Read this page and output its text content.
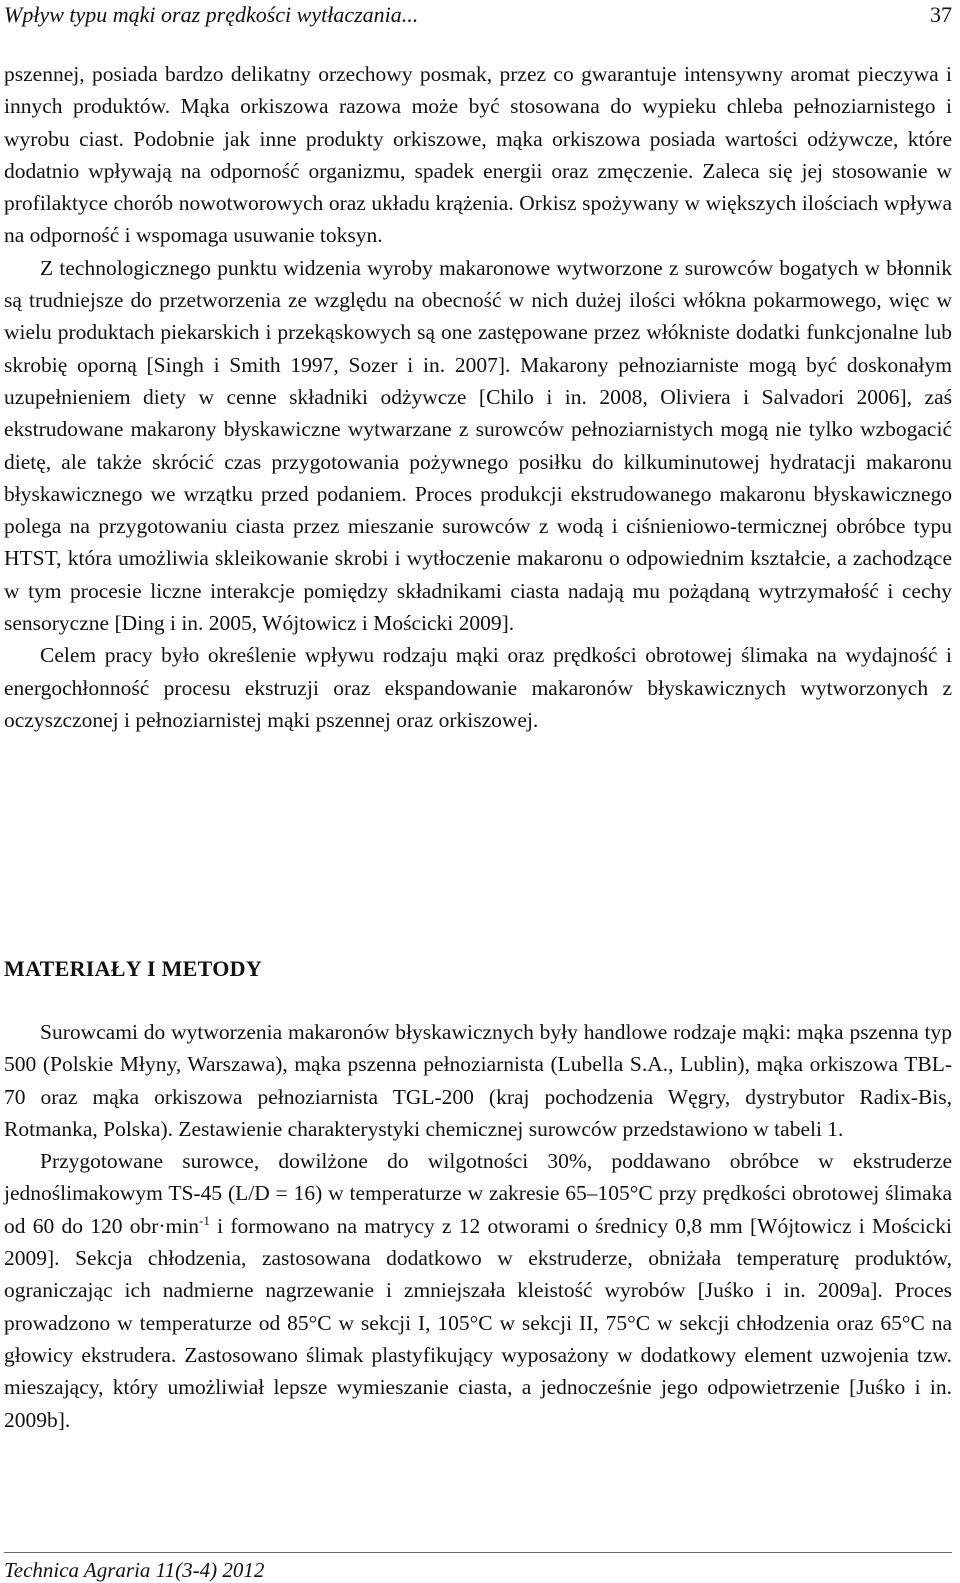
Wpływ typu mąki oraz prędkości wytłaczania...	37

pszennej, posiada bardzo delikatny orzechowy posmak, przez co gwarantuje intensywny aromat pieczywa i innych produktów. Mąka orkiszowa razowa może być stosowana do wypieku chleba pełnoziarnistego i wyrobu ciast. Podobnie jak inne produkty orkiszowe, mąka orkiszowa posiada wartości odżywcze, które dodatnio wpływają na odporność organizmu, spadek energii oraz zmęczenie. Zaleca się jej stosowanie w profilaktyce chorób nowotworowych oraz układu krążenia. Orkisz spożywany w większych ilościach wpływa na odporność i wspomaga usuwanie toksyn.

Z technologicznego punktu widzenia wyroby makaronowe wytworzone z surowców bogatych w błonnik są trudniejsze do przetworzenia ze względu na obecność w nich dużej ilości włókna pokarmowego, więc w wielu produktach piekarskich i przekąskowych są one zastępowane przez włókniste dodatki funkcjonalne lub skrobię oporną [Singh i Smith 1997, Sozer i in. 2007]. Makarony pełnoziarniste mogą być doskonałym uzupełnieniem diety w cenne składniki odżywcze [Chilo i in. 2008, Oliviera i Salvadori 2006], zaś ekstrudowane makarony błyskawiczne wytwarzane z surowców pełnoziarnistych mogą nie tylko wzbogacić dietę, ale także skrócić czas przygotowania pożywnego posiłku do kilkuminutowej hydratacji makaronu błyskawicznego we wrzątku przed podaniem. Proces produkcji ekstrudowanego makaronu błyskawicznego polega na przygotowaniu ciasta przez mieszanie surowców z wodą i ciśnieniowo-termicznej obróbce typu HTST, która umożliwia skleikowanie skrobi i wytłoczenie makaronu o odpowiednim kształcie, a zachodzące w tym procesie liczne interakcje pomiędzy składnikami ciasta nadają mu pożądaną wytrzymałość i cechy sensoryczne [Ding i in. 2005, Wójtowicz i Mościcki 2009].

Celem pracy było określenie wpływu rodzaju mąki oraz prędkości obrotowej ślimaka na wydajność i energochłonność procesu ekstruzji oraz ekspandowanie makaronów błyskawicznych wytworzonych z oczyszczonej i pełnoziarnistej mąki pszennej oraz orkiszowej.

MATERIAŁY I METODY

Surowcami do wytworzenia makaronów błyskawicznych były handlowe rodzaje mąki: mąka pszenna typ 500 (Polskie Młyny, Warszawa), mąka pszenna pełnoziarnista (Lubella S.A., Lublin), mąka orkiszowa TBL-70 oraz mąka orkiszowa pełnoziarnista TGL-200 (kraj pochodzenia Węgry, dystrybutor Radix-Bis, Rotmanka, Polska). Zestawienie charakterystyki chemicznej surowców przedstawiono w tabeli 1.

Przygotowane surowce, dowilżone do wilgotności 30%, poddawano obróbce w ekstruderze jednoślimakowym TS-45 (L/D = 16) w temperaturze w zakresie 65–105°C przy prędkości obrotowej ślimaka od 60 do 120 $obr\cdot\min^{-1}$ i formowano na matrycy z 12 otworami o średnicy 0,8 mm [Wójtowicz i Mościcki 2009]. Sekcja chłodzenia, zastosowana dodatkowo w ekstruderze, obniżała temperaturę produktów, ograniczając ich nadmierne nagrzewanie i zmniejszała kleistość wyrobów [Juśko i in. 2009a]. Proces prowadzono w temperaturze od 85°C w sekcji I, 105°C w sekcji II, 75°C w sekcji chłodzenia oraz 65°C na głowicy ekstrudera. Zastosowano ślimak plastyfikujący wyposażony w dodatkowy element uzwojenia tzw. mieszający, który umożliwiał lepsze wymieszanie ciasta, a jednocześnie jego odpowietrzenie [Juśko i in. 2009b].

Technica Agraria 11(3-4) 2012
